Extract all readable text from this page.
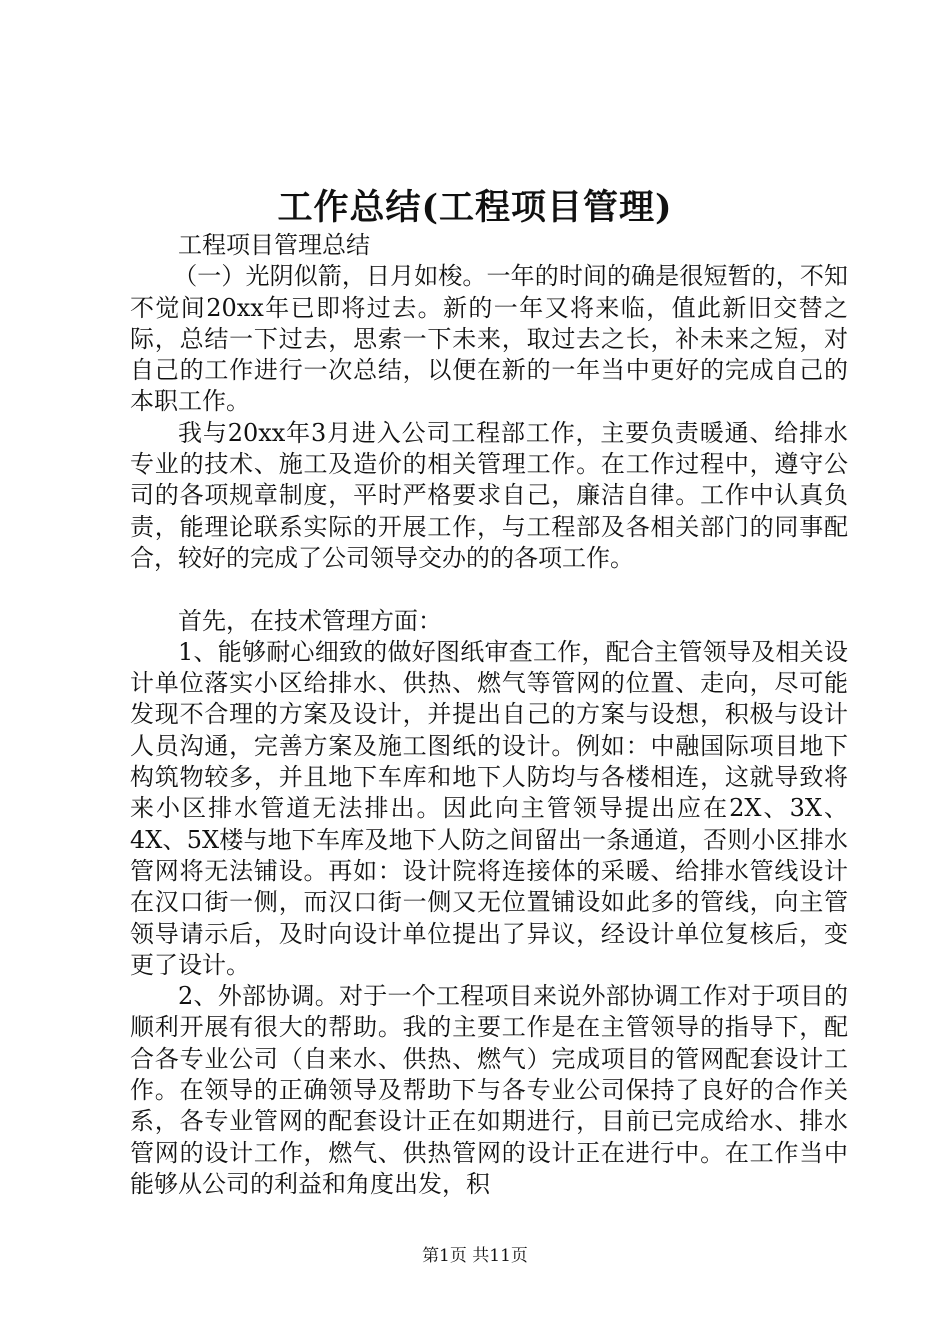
工作总结(工程项目管理)

工程项目管理总结

（一）光阴似箭，日月如梭。一年的时间的确是很短暂的，不知不觉间20xx年已即将过去。新的一年又将来临，值此新旧交替之际，总结一下过去，思索一下未来，取过去之长，补未来之短，对自己的工作进行一次总结，以便在新的一年当中更好的完成自己的本职工作。

我与20xx年3月进入公司工程部工作，主要负责暖通、给排水专业的技术、施工及造价的相关管理工作。在工作过程中，遵守公司的各项规章制度，平时严格要求自己，廉洁自律。工作中认真负责，能理论联系实际的开展工作，与工程部及各相关部门的同事配合，较好的完成了公司领导交办的的各项工作。

首先，在技术管理方面：

1、能够耐心细致的做好图纸审查工作，配合主管领导及相关设计单位落实小区给排水、供热、燃气等管网的位置、走向，尽可能发现不合理的方案及设计，并提出自己的方案与设想，积极与设计人员沟通，完善方案及施工图纸的设计。例如：中融国际项目地下构筑物较多，并且地下车库和地下人防均与各楼相连，这就导致将来小区排水管道无法排出。因此向主管领导提出应在2X、3X、4X、5X楼与地下车库及地下人防之间留出一条通道，否则小区排水管网将无法铺设。再如：设计院将连接体的采暖、给排水管线设计在汉口街一侧，而汉口街一侧又无位置铺设如此多的管线，向主管领导请示后，及时向设计单位提出了异议，经设计单位复核后，变更了设计。

2、外部协调。对于一个工程项目来说外部协调工作对于项目的顺利开展有很大的帮助。我的主要工作是在主管领导的指导下，配合各专业公司（自来水、供热、燃气）完成项目的管网配套设计工作。在领导的正确领导及帮助下与各专业公司保持了良好的合作关系，各专业管网的配套设计正在如期进行，目前已完成给水、排水管网的设计工作，燃气、供热管网的设计正在进行中。在工作当中能够从公司的利益和角度出发，积

第1页 共11页
